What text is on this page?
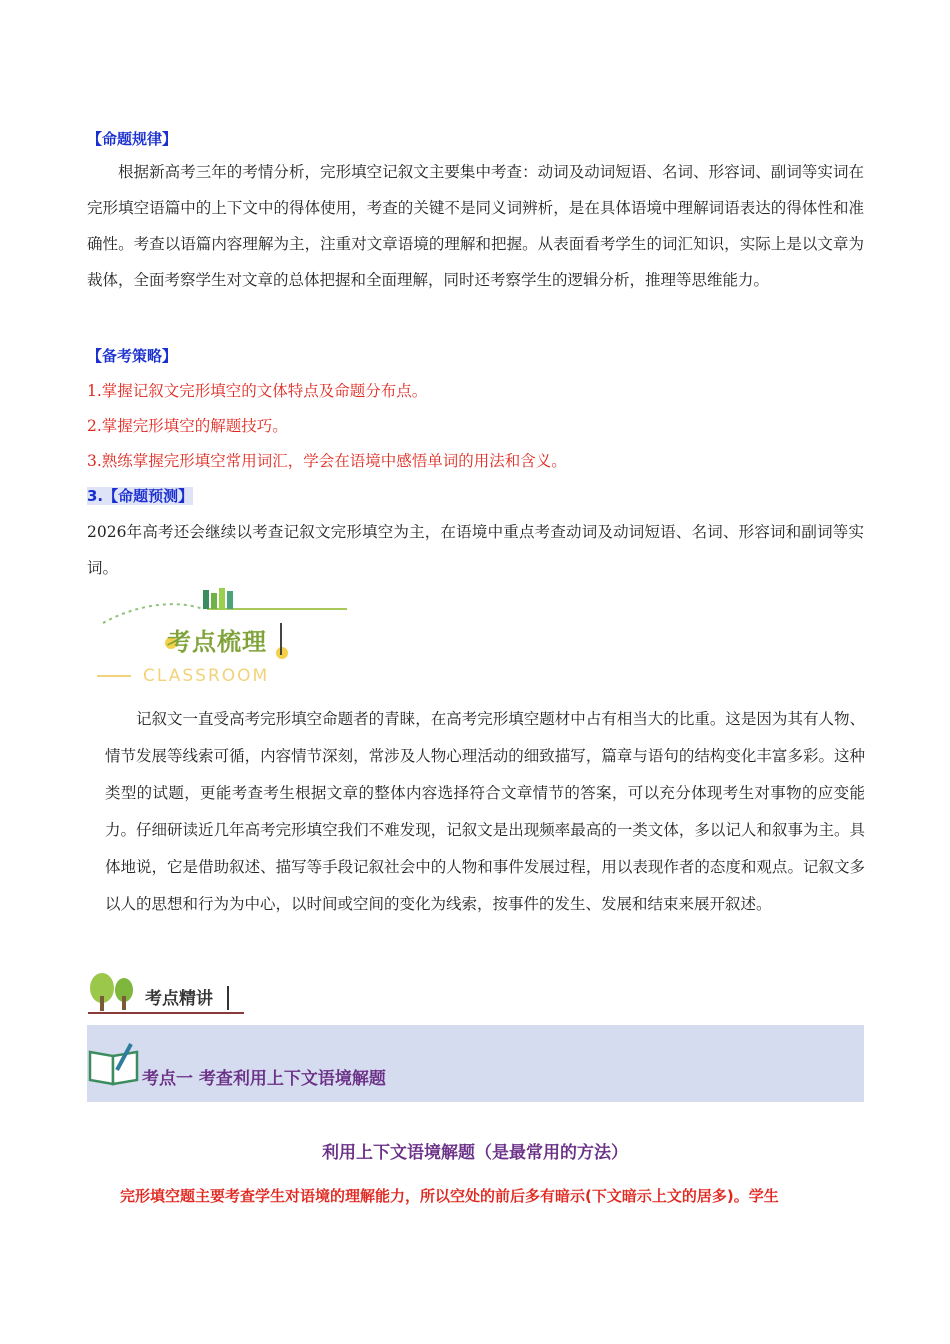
【命题规律】

根据新高考三年的考情分析，完形填空记叙文主要集中考查：动词及动词短语、名词、形容词、副词等实词在完形填空语篇中的上下文中的得体使用，考查的关键不是同义词辨析，是在具体语境中理解词语表达的得体性和准确性。考查以语篇内容理解为主，注重对文章语境的理解和把握。从表面看考学生的词汇知识，实际上是以文章为裁体，全面考察学生对文章的总体把握和全面理解，同时还考察学生的逻辑分析，推理等思维能力。

【备考策略】

1.掌握记叙文完形填空的文体特点及命题分布点。

2.掌握完形填空的解题技巧。

3.熟练掌握完形填空常用词汇，学会在语境中感悟单词的用法和含义。

3.【命题预测】

2026年高考还会继续以考查记叙文完形填空为主，在语境中重点考查动词及动词短语、名词、形容词和副词等实词。

考点梳理
CLASSROOM

记叙文一直受高考完形填空命题者的青睐，在高考完形填空题材中占有相当大的比重。这是因为其有人物、情节发展等线索可循，内容情节深刻，常涉及人物心理活动的细致描写，篇章与语句的结构变化丰富多彩。这种类型的试题，更能考查考生根据文章的整体内容选择符合文章情节的答案，可以充分体现考生对事物的应变能力。仔细研读近几年高考完形填空我们不难发现，记叙文是出现频率最高的一类文体，多以记人和叙事为主。具体地说，它是借助叙述、描写等手段记叙社会中的人物和事件发展过程，用以表现作者的态度和观点。记叙文多以人的思想和行为为中心，以时间或空间的变化为线索，按事件的发生、发展和结束来展开叙述。

考点精讲
考点一 考查利用上下文语境解题
利用上下文语境解题（是最常用的方法）
完形填空题主要考查学生对语境的理解能力，所以空处的前后多有暗示(下文暗示上文的居多)。学生
